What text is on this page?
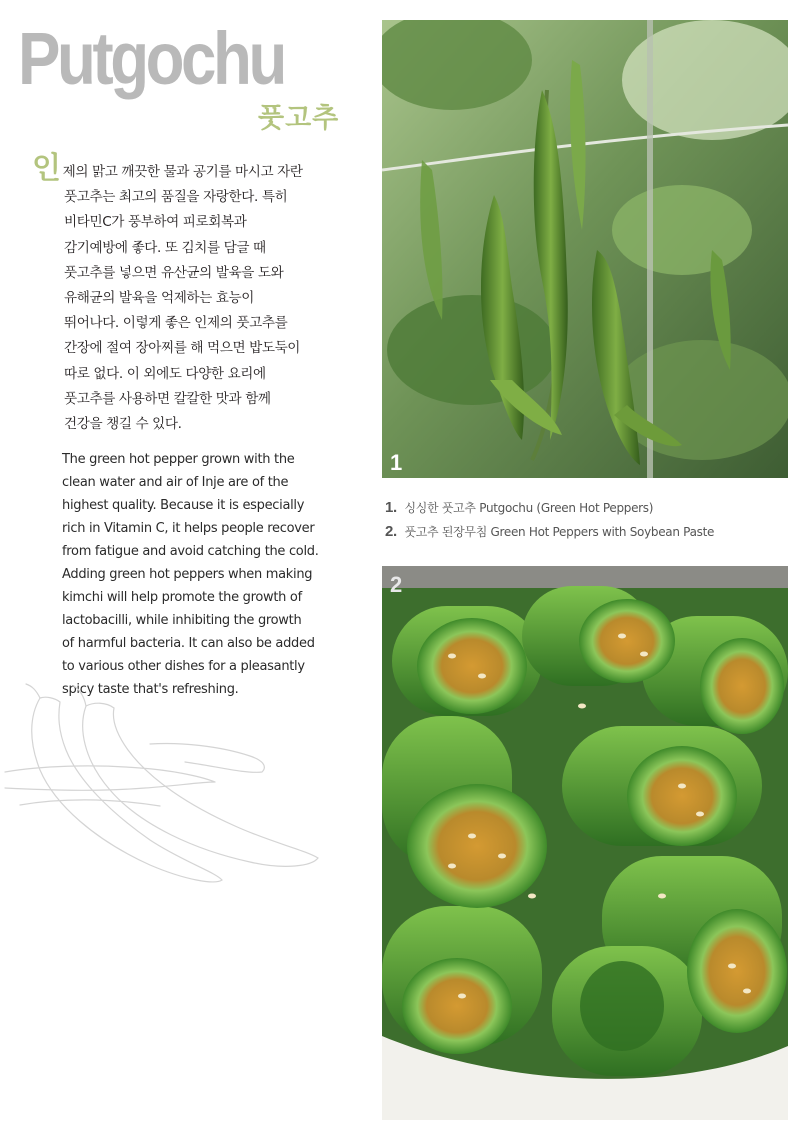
Putgochu
풋고추
인 제의 맑고 깨끗한 물과 공기를 마시고 자란
풋고추는 최고의 품질을 자랑한다. 특히
비타민C가 풍부하여 피로회복과
감기예방에 좋다. 또 김치를 담글 때
풋고추를 넣으면 유산균의 발육을 도와
유해균의 발육을 억제하는 효능이
뛰어나다. 이렇게 좋은 인제의 풋고추를
간장에 절여 장아찌를 해 먹으면 밥도둑이
따로 없다. 이 외에도 다양한 요리에
풋고추를 사용하면 칼칼한 맛과 함께
건강을 챙길 수 있다.
The green hot pepper grown with the
clean water and air of Inje are of the
highest quality. Because it is especially
rich in Vitamin C, it helps people recover
from fatigue and avoid catching the cold.
Adding green hot peppers when making
kimchi will help promote the growth of
lactobacilli, while inhibiting the growth
of harmful bacteria. It can also be added
to various other dishes for a pleasantly
spicy taste that's refreshing.
1
1. 싱싱한 풋고추 Putgochu (Green Hot Peppers)
2. 풋고추 된장무침 Green Hot Peppers with Soybean Paste
2
